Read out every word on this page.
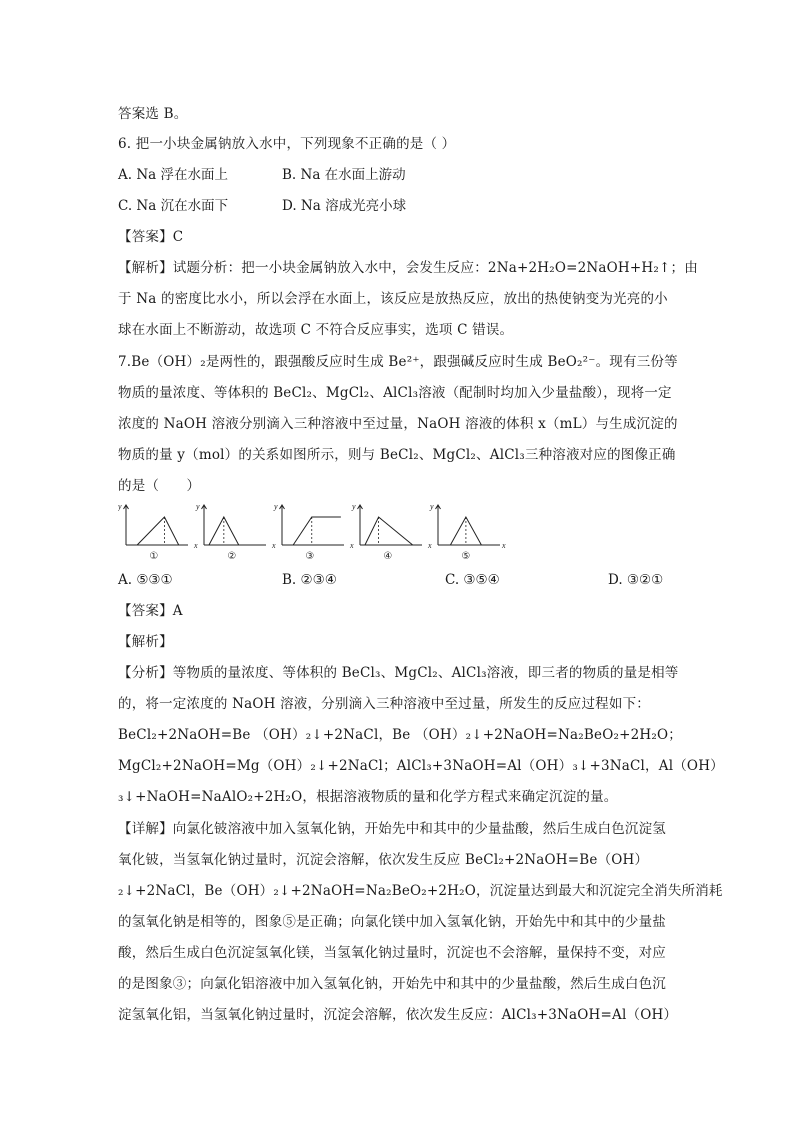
答案选 B。
6. 把一小块金属钠放入水中，下列现象不正确的是（ ）
A. Na 浮在水面上	B. Na 在水面上游动
C. Na 沉在水面下	D. Na 溶成光亮小球
【答案】C
【解析】试题分析：把一小块金属钠放入水中，会发生反应：2Na+2H₂O=2NaOH+H₂↑；由
于 Na 的密度比水小，所以会浮在水面上，该反应是放热反应，放出的热使钠变为光亮的小
球在水面上不断游动，故选项 C 不符合反应事实，选项 C 错误。
7.Be（OH）₂是两性的，跟强酸反应时生成 Be²⁺，跟强碱反应时生成 BeO₂²⁻。现有三份等
物质的量浓度、等体积的 BeCl₂、MgCl₂、AlCl₃溶液（配制时均加入少量盐酸），现将一定
浓度的 NaOH 溶液分别滴入三种溶液中至过量，NaOH 溶液的体积 x（mL）与生成沉淀的
物质的量 y（mol）的关系如图所示，则与 BeCl₂、MgCl₂、AlCl₃三种溶液对应的图像正确
的是（　　）
y
①
y
x
②
y
x
③
y
x
④
y
x
⑤
x
A. ⑤③①	B. ②③④	C. ③⑤④	D. ③②①
【答案】A
【解析】
【分析】等物质的量浓度、等体积的 BeCl₃、MgCl₂、AlCl₃溶液，即三者的物质的量是相等
的，将一定浓度的 NaOH 溶液，分别滴入三种溶液中至过量，所发生的反应过程如下：
BeCl₂+2NaOH=Be （OH）₂↓+2NaCl，Be （OH）₂↓+2NaOH=Na₂BeO₂+2H₂O；
MgCl₂+2NaOH=Mg（OH）₂↓+2NaCl；AlCl₃+3NaOH=Al（OH）₃↓+3NaCl，Al（OH）
₃↓+NaOH=NaAlO₂+2H₂O，根据溶液物质的量和化学方程式来确定沉淀的量。
【详解】向氯化铍溶液中加入氢氧化钠，开始先中和其中的少量盐酸，然后生成白色沉淀氢
氧化铍，当氢氧化钠过量时，沉淀会溶解，依次发生反应 BeCl₂+2NaOH=Be（OH）
₂↓+2NaCl，Be（OH）₂↓+2NaOH=Na₂BeO₂+2H₂O，沉淀量达到最大和沉淀完全消失所消耗
的氢氧化钠是相等的，图象⑤是正确；向氯化镁中加入氢氧化钠，开始先中和其中的少量盐
酸，然后生成白色沉淀氢氧化镁，当氢氧化钠过量时，沉淀也不会溶解，量保持不变，对应
的是图象③；向氯化铝溶液中加入氢氧化钠，开始先中和其中的少量盐酸，然后生成白色沉
淀氢氧化铝，当氢氧化钠过量时，沉淀会溶解，依次发生反应：AlCl₃+3NaOH=Al（OH）
